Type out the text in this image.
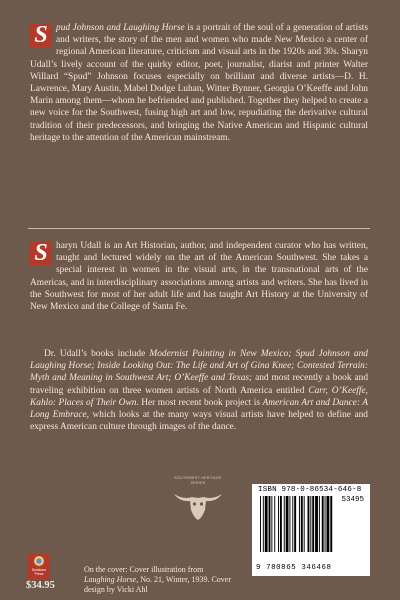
S pud Johnson and Laughing Horse is a portrait of the soul of a generation of artists and writers, the story of the men and women who made New Mexico a center of regional American literature, criticism and visual arts in the 1920s and 30s. Sharyn Udall’s lively account of the quirky editor, poet, journalist, diarist and printer Walter Willard “Spud” Johnson focuses especially on brilliant and diverse artists—D. H. Lawrence, Mary Austin, Mabel Dodge Luhan, Witter Bynner, Georgia O’Keeffe and John Marin among them—whom he befriended and published. Together they helped to create a new voice for the Southwest, fusing high art and low, repudiating the derivative cultural tradition of their predecessors, and bringing the Native American and Hispanic cultural heritage to the attention of the American mainstream.

S haryn Udall is an Art Historian, author, and independent curator who has written, taught and lectured widely on the art of the American Southwest. She takes a special interest in women in the visual arts, in the transnational arts of the Americas, and in interdisciplinary associations among artists and writers. She has lived in the Southwest for most of her adult life and has taught Art History at the University of New Mexico and the College of Santa Fe.

Dr. Udall’s books include Modernist Painting in New Mexico; Spud Johnson and Laughing Horse; Inside Looking Out: The Life and Art of Gina Knee; Contested Terrain: Myth and Meaning in Southwest Art; O’Keeffe and Texas; and most recently a book and traveling exhibition on three women artists of North America entitled Carr, O’Keeffe, Kahlo: Places of Their Own. Her most recent book project is American Art and Dance: A Long Embrace, which looks at the many ways visual artists have helped to define and express American culture through images of the dance.

SOUTHWEST HERITAGE SERIES
Sunstone Press
$34.95
On the cover: Cover illustration from Laughing Horse, No. 21, Winter, 1939. Cover design by Vicki Ahl
ISBN 978-0-86534-646-8
53495
9 780865 346468
